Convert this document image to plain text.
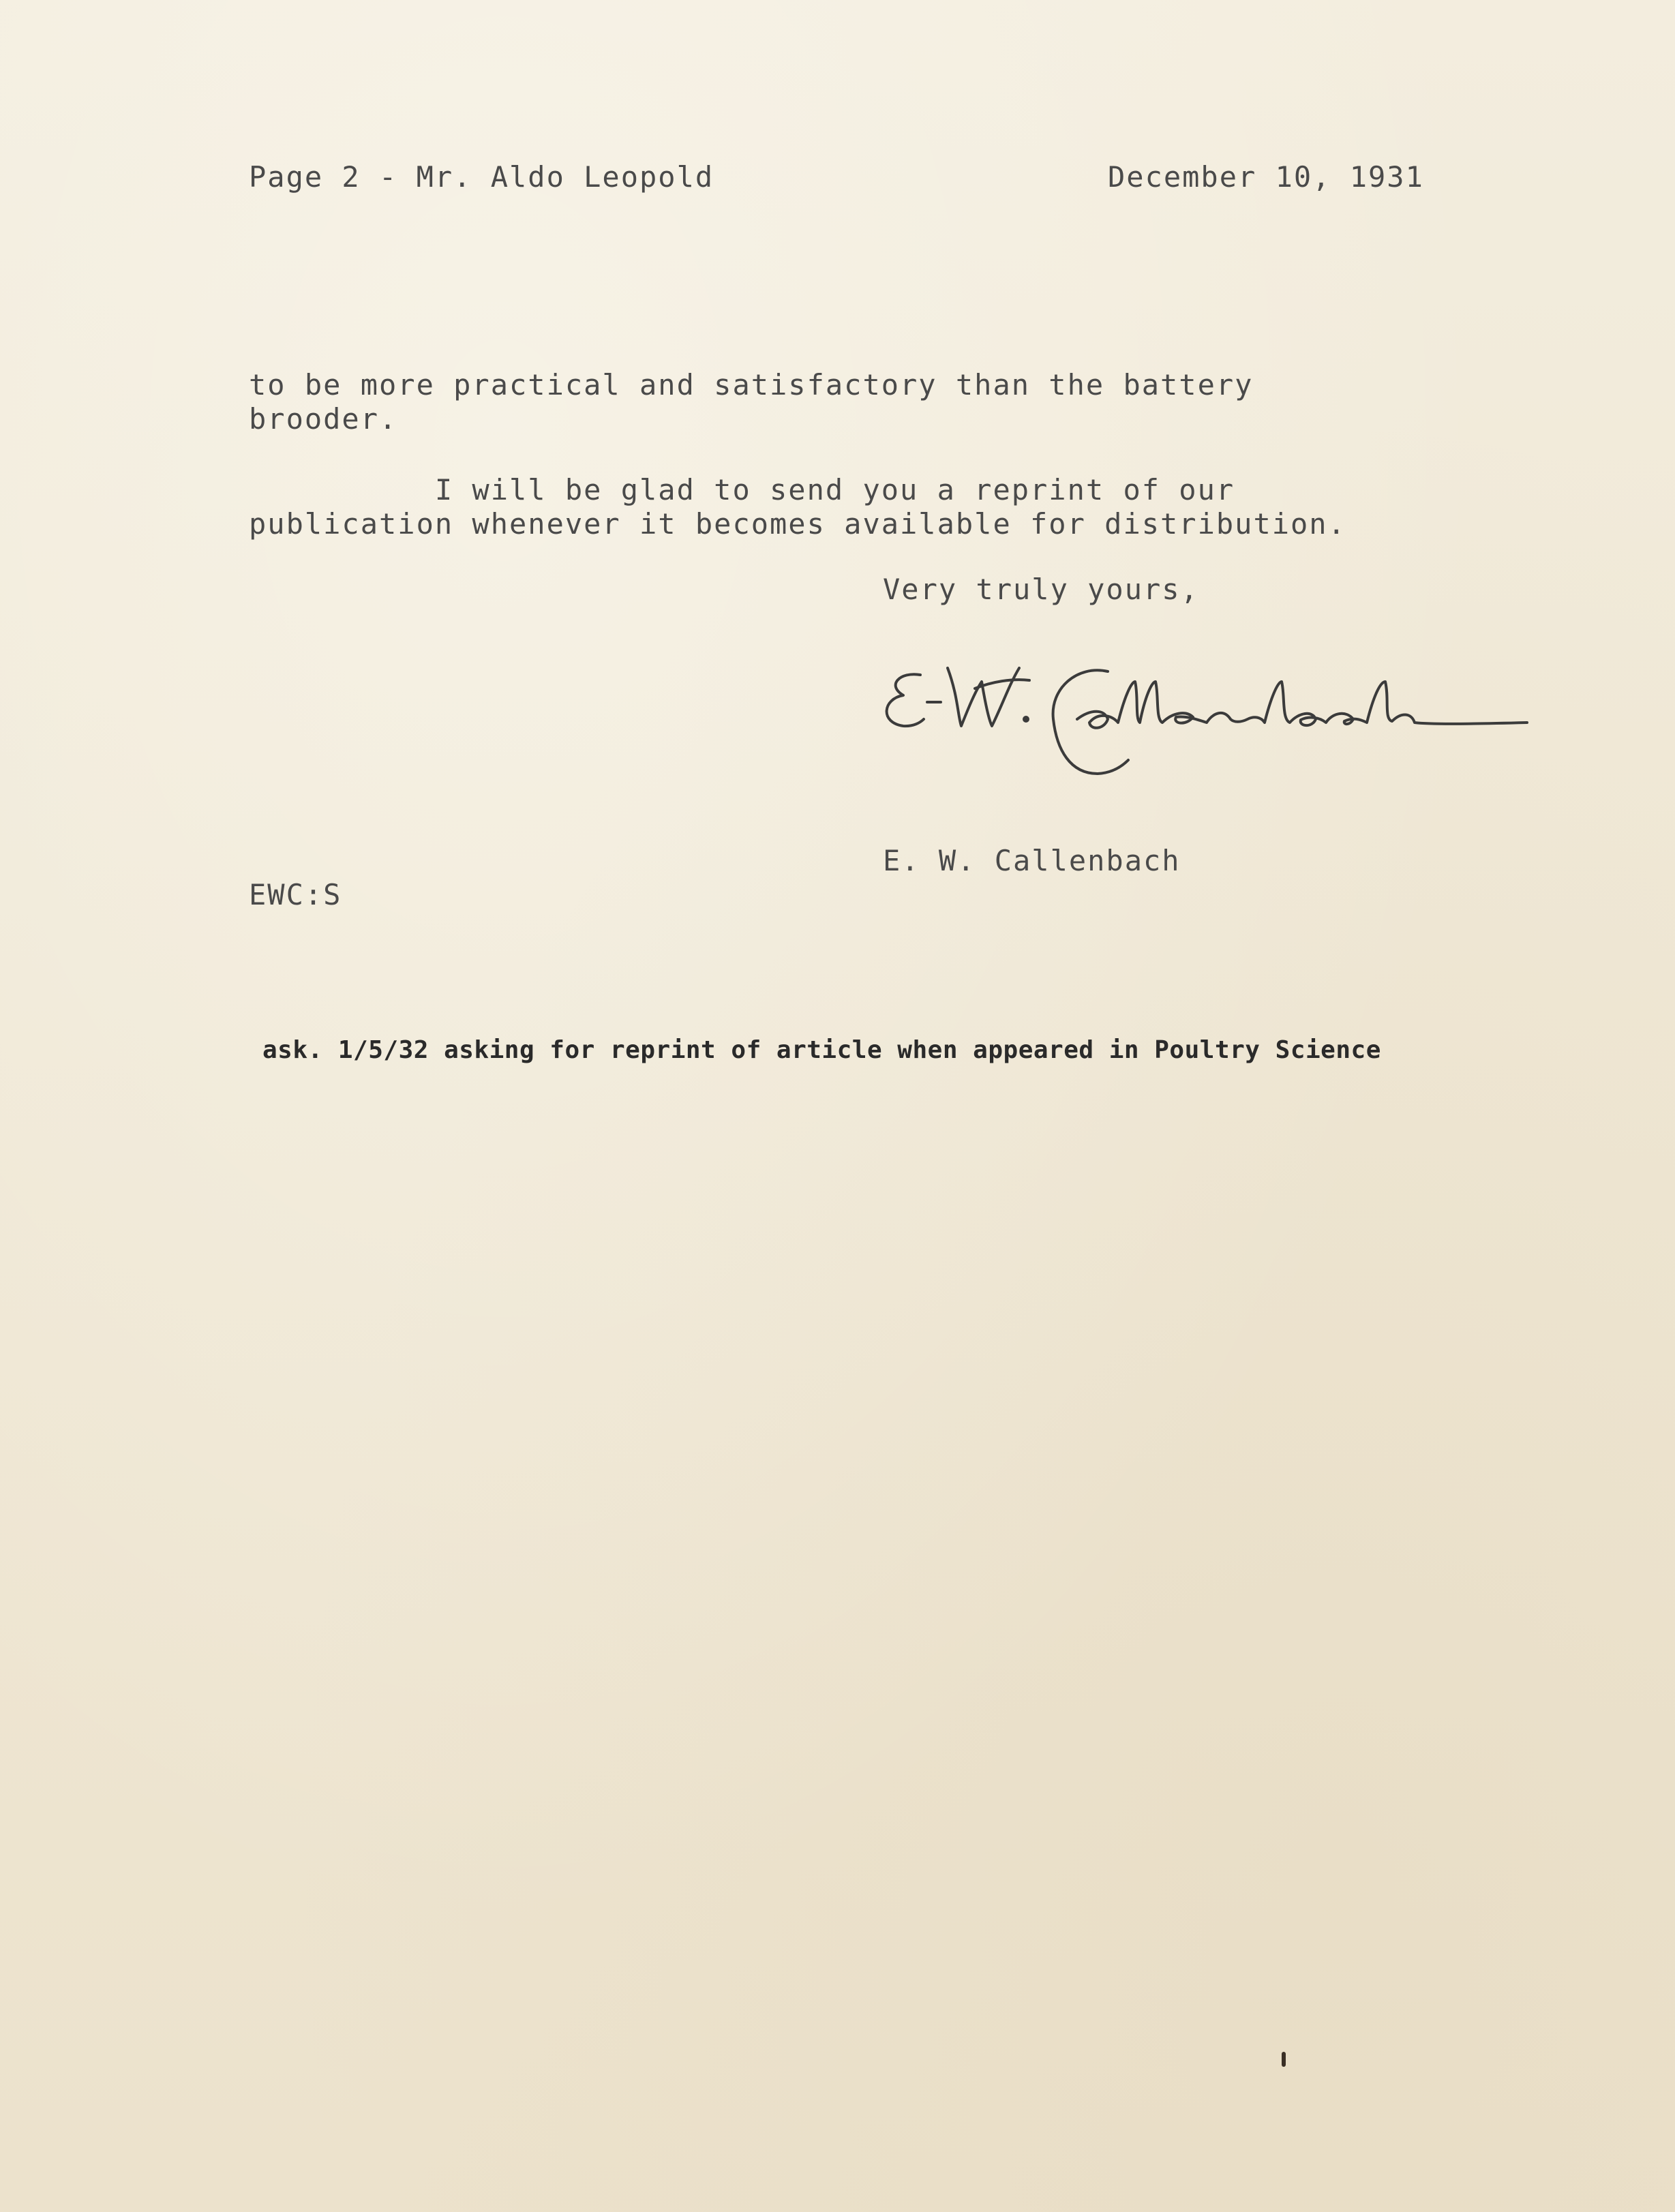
Page 2 - Mr. Aldo Leopold	December 10, 1931

to be more practical and satisfactory than the battery
brooder.

I will be glad to send you a reprint of our
publication whenever it becomes available for distribution.

Very truly yours,

E. W. Callenbach

EWC:S

ask. 1/5/32 asking for reprint of article when appeared in Poultry Science
